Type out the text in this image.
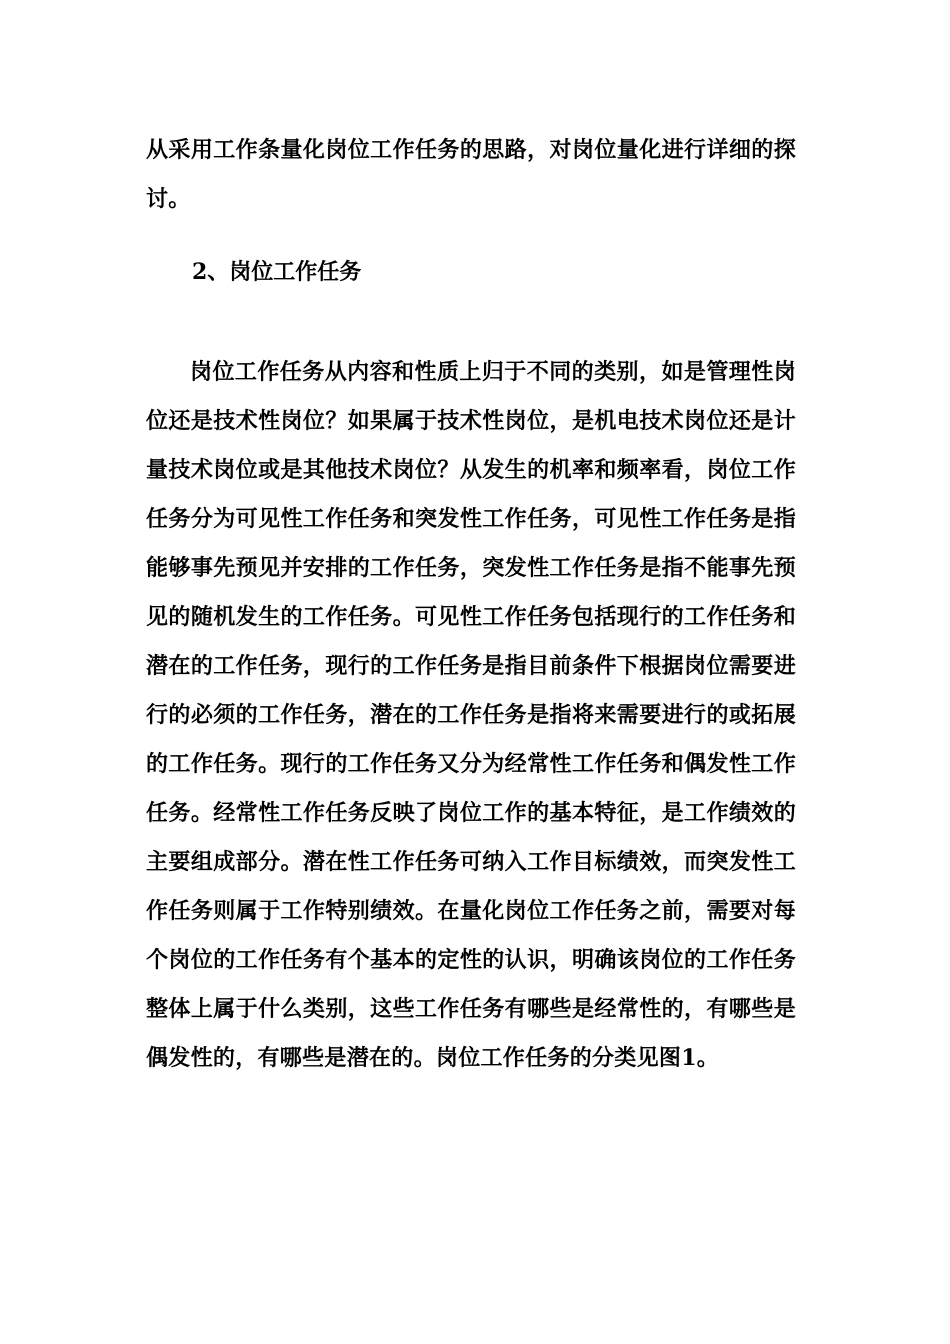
从采用工作条量化岗位工作任务的思路，对岗位量化进行详细的探讨。

2、岗位工作任务

岗位工作任务从内容和性质上归于不同的类别，如是管理性岗位还是技术性岗位？如果属于技术性岗位，是机电技术岗位还是计量技术岗位或是其他技术岗位？从发生的机率和频率看，岗位工作任务分为可见性工作任务和突发性工作任务，可见性工作任务是指能够事先预见并安排的工作任务，突发性工作任务是指不能事先预见的随机发生的工作任务。可见性工作任务包括现行的工作任务和潜在的工作任务，现行的工作任务是指目前条件下根据岗位需要进行的必须的工作任务，潜在的工作任务是指将来需要进行的或拓展的工作任务。现行的工作任务又分为经常性工作任务和偶发性工作任务。经常性工作任务反映了岗位工作的基本特征，是工作绩效的主要组成部分。潜在性工作任务可纳入工作目标绩效，而突发性工作任务则属于工作特别绩效。在量化岗位工作任务之前，需要对每个岗位的工作任务有个基本的定性的认识，明确该岗位的工作任务整体上属于什么类别，这些工作任务有哪些是经常性的，有哪些是偶发性的，有哪些是潜在的。岗位工作任务的分类见图1。
